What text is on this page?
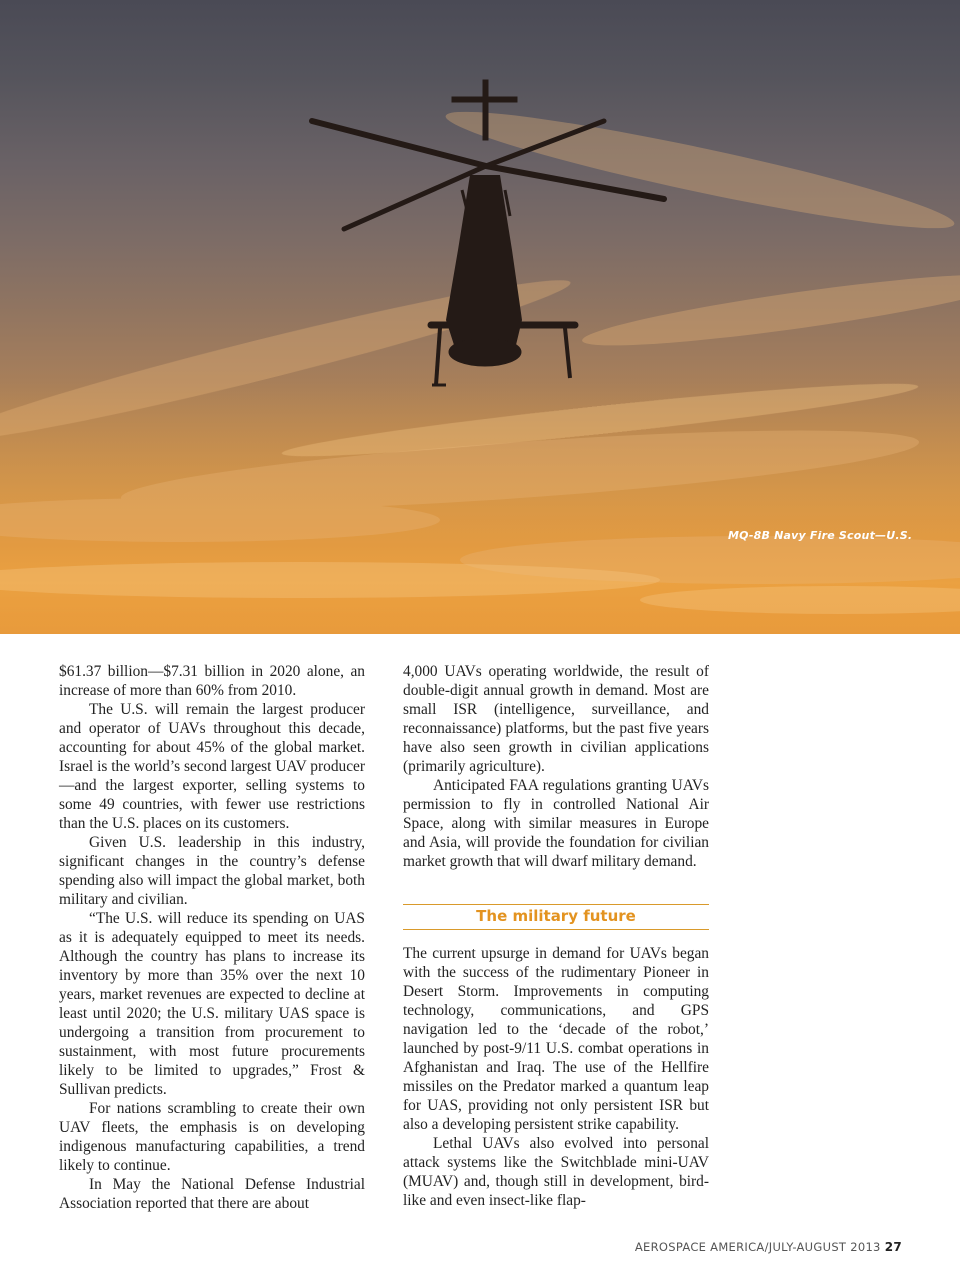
MQ-8B Navy Fire Scout—U.S.

$61.37 billion—$7.31 billion in 2020 alone, an increase of more than 60% from 2010.

The U.S. will remain the largest producer and operator of UAVs throughout this decade, accounting for about 45% of the global market. Israel is the world’s second largest UAV producer—and the largest exporter, selling systems to some 49 countries, with fewer use restrictions than the U.S. places on its customers.

Given U.S. leadership in this industry, significant changes in the country’s defense spending also will impact the global market, both military and civilian.

“The U.S. will reduce its spending on UAS as it is adequately equipped to meet its needs. Although the country has plans to increase its inventory by more than 35% over the next 10 years, market revenues are expected to decline at least until 2020; the U.S. military UAS space is undergoing a transition from procurement to sustainment, with most future procurements likely to be limited to upgrades,” Frost & Sullivan predicts.

For nations scrambling to create their own UAV fleets, the emphasis is on developing indigenous manufacturing capabilities, a trend likely to continue.

In May the National Defense Industrial Association reported that there are about

4,000 UAVs operating worldwide, the result of double-digit annual growth in demand. Most are small ISR (intelligence, surveillance, and reconnaissance) platforms, but the past five years have also seen growth in civilian applications (primarily agriculture).

Anticipated FAA regulations granting UAVs permission to fly in controlled National Air Space, along with similar measures in Europe and Asia, will provide the foundation for civilian market growth that will dwarf military demand.

The military future

The current upsurge in demand for UAVs began with the success of the rudimentary Pioneer in Desert Storm. Improvements in computing technology, communications, and GPS navigation led to the ‘decade of the robot,’ launched by post-9/11 U.S. combat operations in Afghanistan and Iraq. The use of the Hellfire missiles on the Predator marked a quantum leap for UAS, providing not only persistent ISR but also a developing persistent strike capability.

Lethal UAVs also evolved into personal attack systems like the Switchblade mini-UAV (MUAV) and, though still in development, bird-like and even insect-like flap-

AEROSPACE AMERICA/JULY-AUGUST 2013 27
